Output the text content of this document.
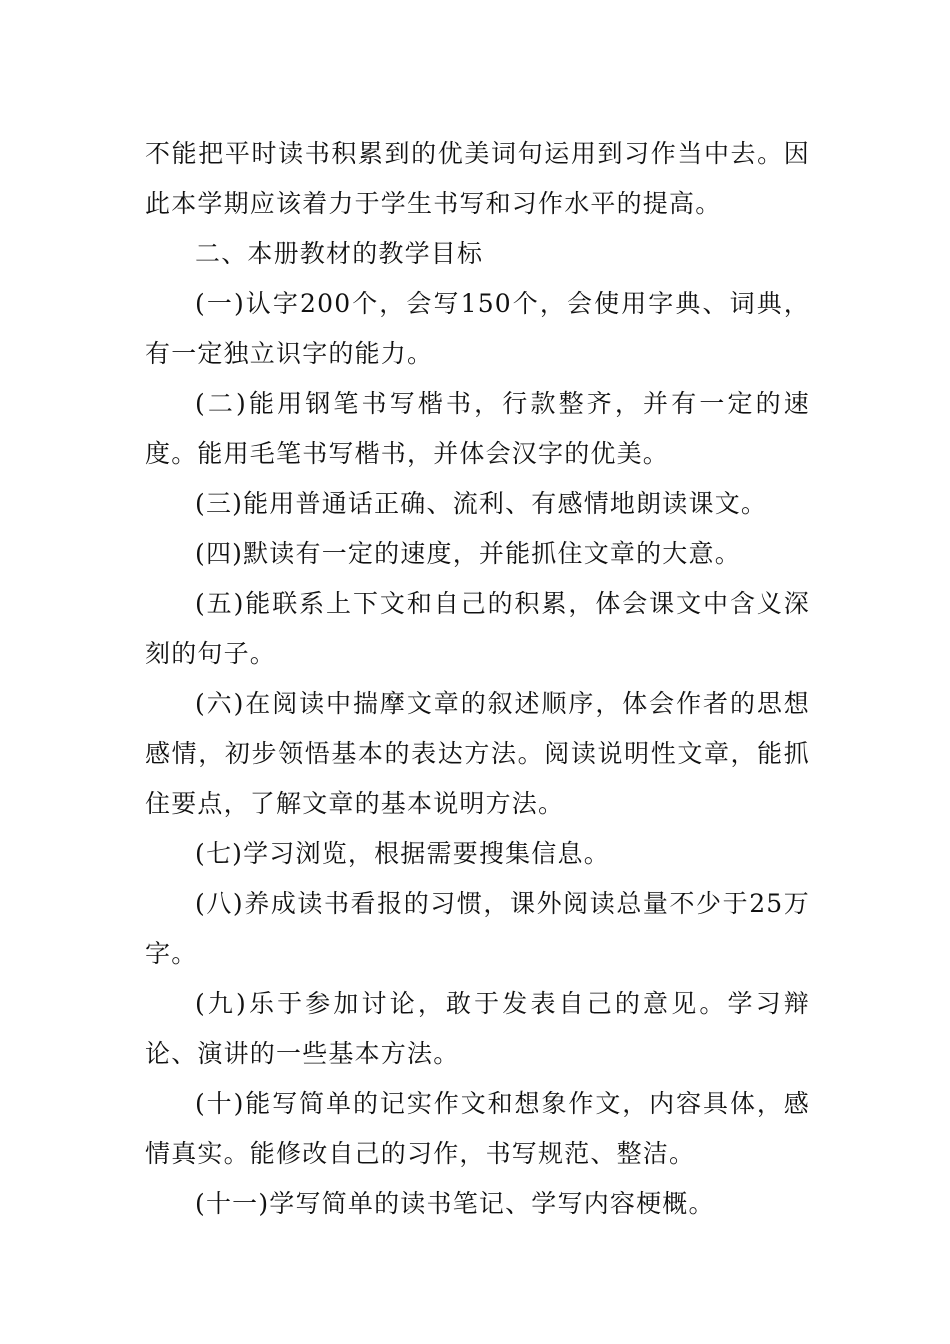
不能把平时读书积累到的优美词句运用到习作当中去。因此本学期应该着力于学生书写和习作水平的提高。

二、本册教材的教学目标

(一)认字200个，会写150个，会使用字典、词典，有一定独立识字的能力。

(二)能用钢笔书写楷书，行款整齐，并有一定的速度。能用毛笔书写楷书，并体会汉字的优美。

(三)能用普通话正确、流利、有感情地朗读课文。

(四)默读有一定的速度，并能抓住文章的大意。

(五)能联系上下文和自己的积累，体会课文中含义深刻的句子。

(六)在阅读中揣摩文章的叙述顺序，体会作者的思想感情，初步领悟基本的表达方法。阅读说明性文章，能抓住要点，了解文章的基本说明方法。

(七)学习浏览，根据需要搜集信息。

(八)养成读书看报的习惯，课外阅读总量不少于25万字。

(九)乐于参加讨论，敢于发表自己的意见。学习辩论、演讲的一些基本方法。

(十)能写简单的记实作文和想象作文，内容具体，感情真实。能修改自己的习作，书写规范、整洁。

(十一)学写简单的读书笔记、学写内容梗概。
